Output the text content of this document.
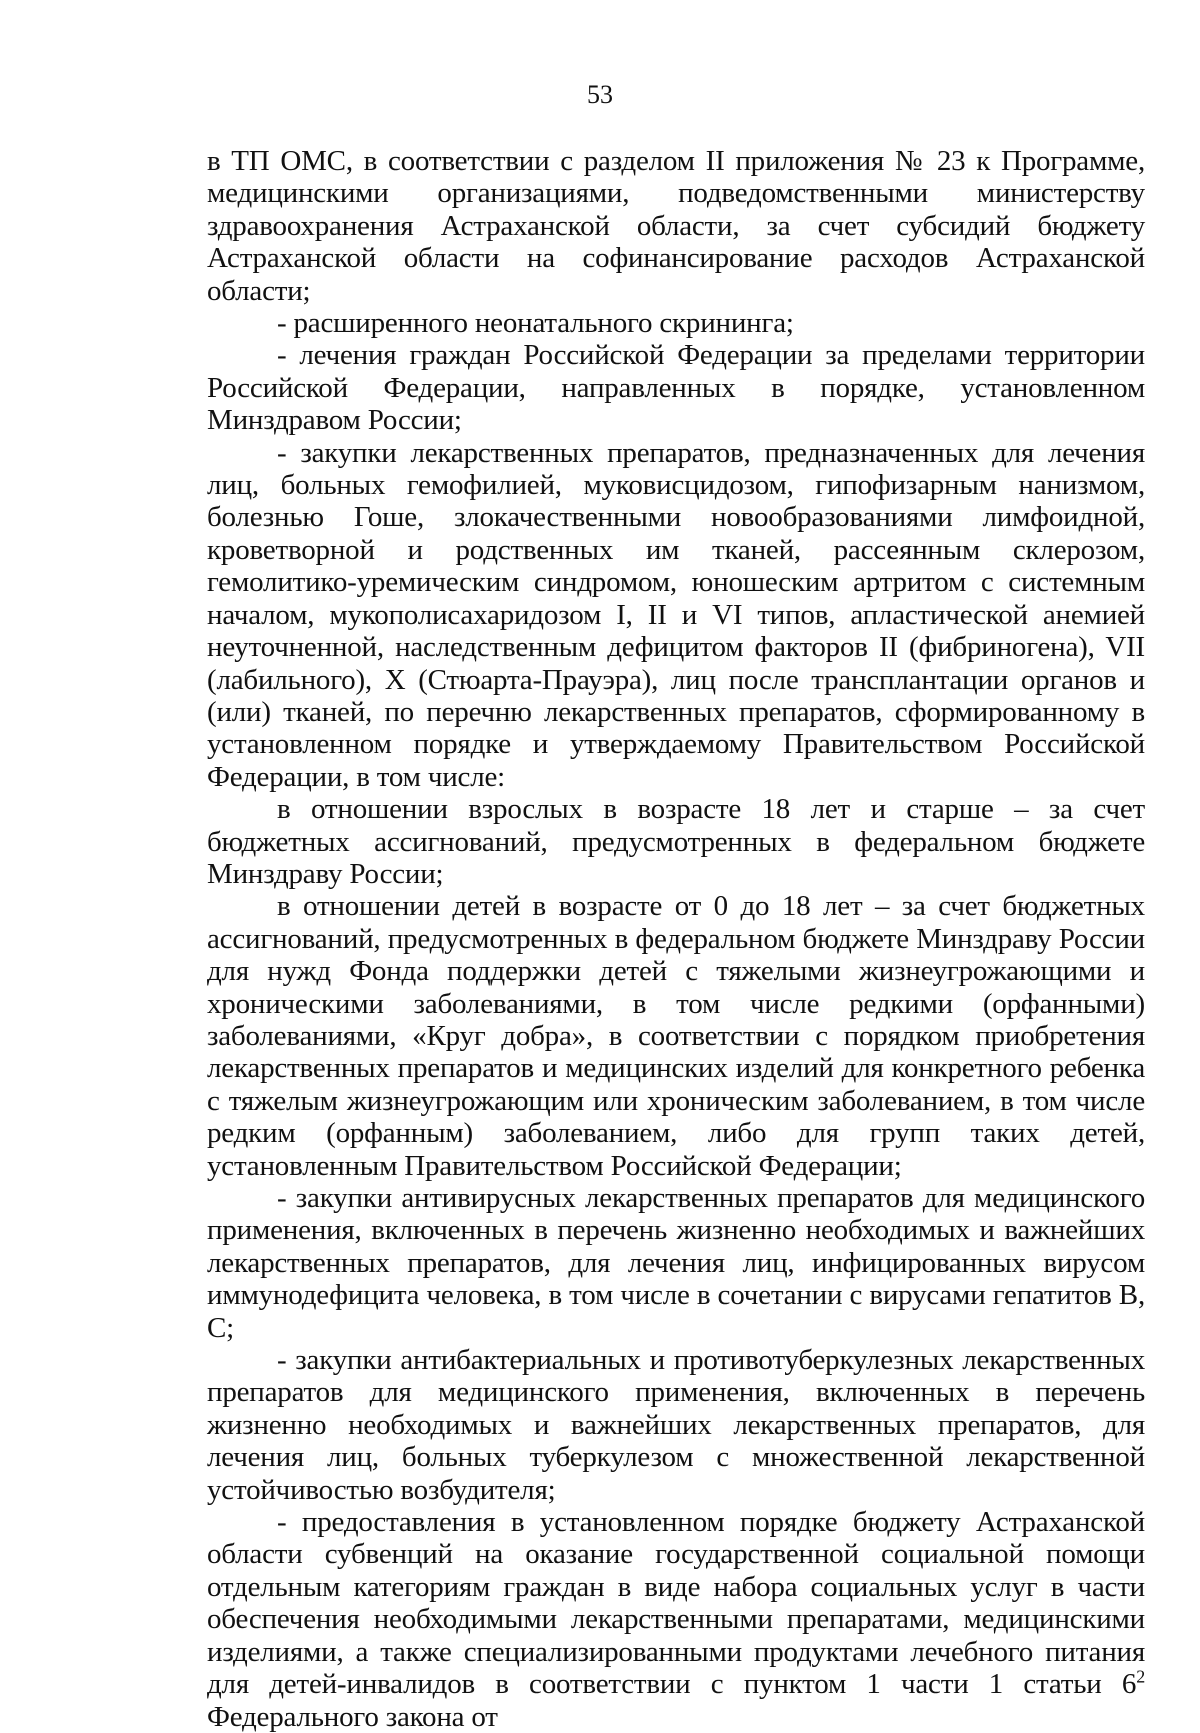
53

в ТП ОМС, в соответствии с разделом II приложения № 23 к Программе, медицинскими организациями, подведомственными министерству здравоохранения Астраханской области, за счет субсидий бюджету Астраханской области на софинансирование расходов Астраханской области;

- расширенного неонатального скрининга;

- лечения граждан Российской Федерации за пределами территории Российской Федерации, направленных в порядке, установленном Минздравом России;

- закупки лекарственных препаратов, предназначенных для лечения лиц, больных гемофилией, муковисцидозом, гипофизарным нанизмом, болезнью Гоше, злокачественными новообразованиями лимфоидной, кроветворной и родственных им тканей, рассеянным склерозом, гемолитико-уремическим синдромом, юношеским артритом с системным началом, мукополисахаридозом I, II и VI типов, апластической анемией неуточненной, наследственным дефицитом факторов II (фибриногена), VII (лабильного), X (Стюарта-Прауэра), лиц после трансплантации органов и (или) тканей, по перечню лекарственных препаратов, сформированному в установленном порядке и утверждаемому Правительством Российской Федерации, в том числе:

в отношении взрослых в возрасте 18 лет и старше – за счет бюджетных ассигнований, предусмотренных в федеральном бюджете Минздраву России;

в отношении детей в возрасте от 0 до 18 лет – за счет бюджетных ассигнований, предусмотренных в федеральном бюджете Минздраву России для нужд Фонда поддержки детей с тяжелыми жизнеугрожающими и хроническими заболеваниями, в том числе редкими (орфанными) заболеваниями, «Круг добра», в соответствии с порядком приобретения лекарственных препаратов и медицинских изделий для конкретного ребенка с тяжелым жизнеугрожающим или хроническим заболеванием, в том числе редким (орфанным) заболеванием, либо для групп таких детей, установленным Правительством Российской Федерации;

- закупки антивирусных лекарственных препаратов для медицинского применения, включенных в перечень жизненно необходимых и важнейших лекарственных препаратов, для лечения лиц, инфицированных вирусом иммунодефицита человека, в том числе в сочетании с вирусами гепатитов B, C;

- закупки антибактериальных и противотуберкулезных лекарственных препаратов для медицинского применения, включенных в перечень жизненно необходимых и важнейших лекарственных препаратов, для лечения лиц, больных туберкулезом с множественной лекарственной устойчивостью возбудителя;

- предоставления в установленном порядке бюджету Астраханской области субвенций на оказание государственной социальной помощи отдельным категориям граждан в виде набора социальных услуг в части обеспечения необходимыми лекарственными препаратами, медицинскими изделиями, а также специализированными продуктами лечебного питания для детей-инвалидов в соответствии с пунктом 1 части 1 статьи $6^2$ Федерального закона от
